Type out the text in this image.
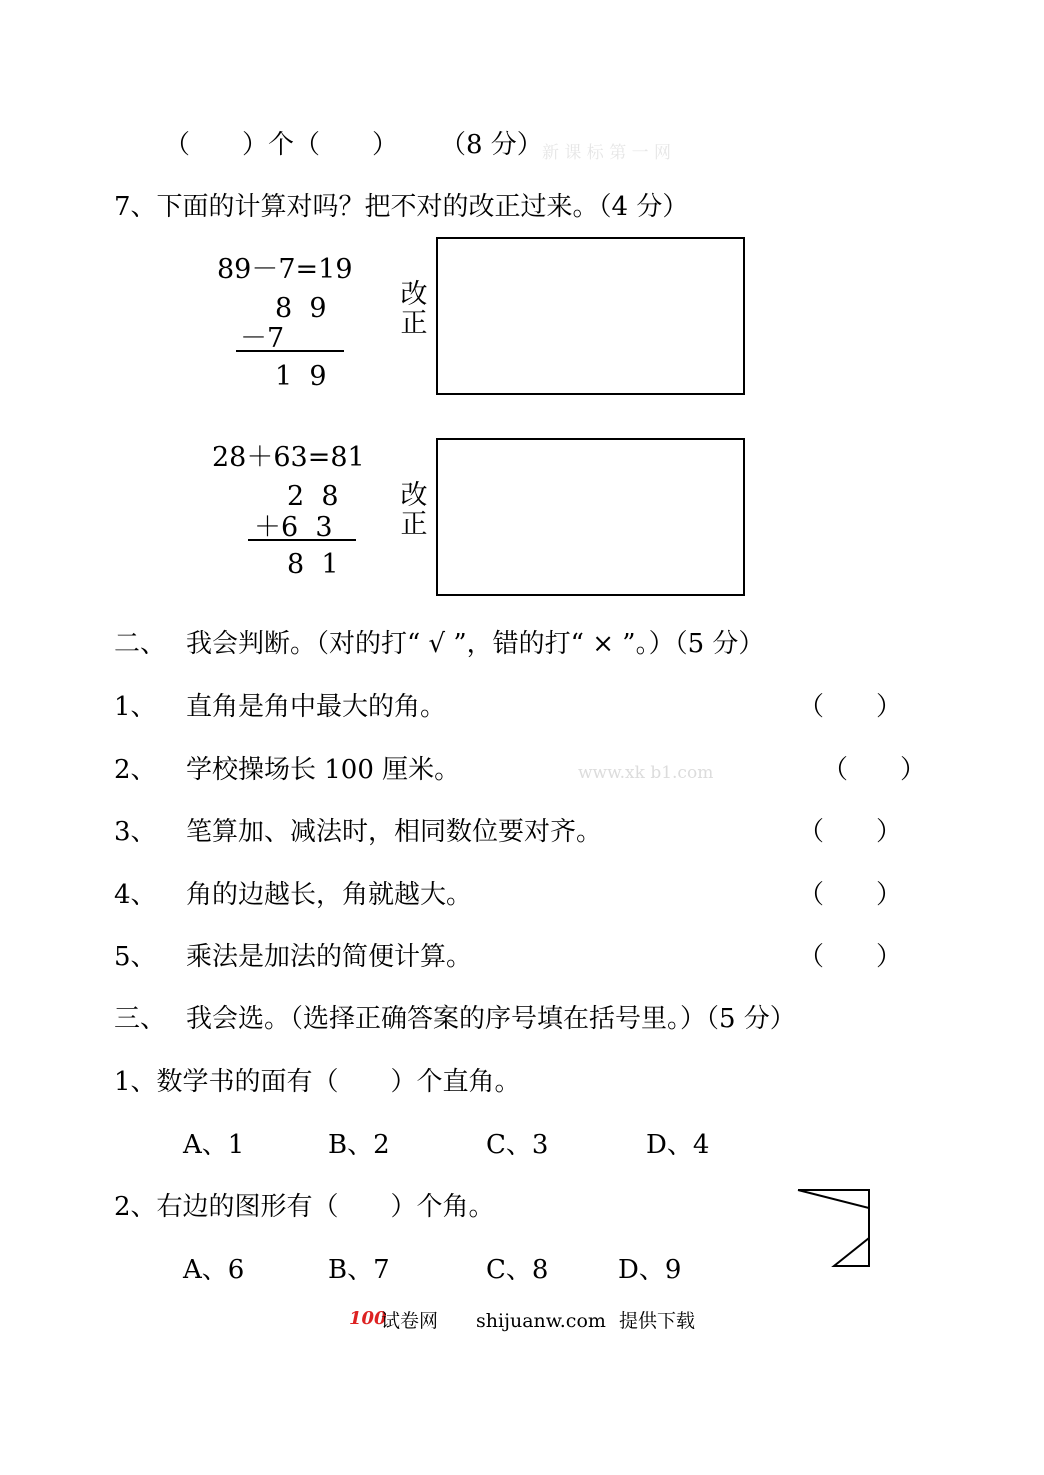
（　　）个（　　） （8 分） 新 课 标 第 一 网
7、下面的计算对吗？把不对的改正过来。（4 分）
89－7=19
8  9
－7
1  9
改
正
28＋63=81
2  8
＋6  3
8  1
改
正
二、 我会判断。（对的打“ √ ”，错的打“ × ”。）（5 分）
1、 直角是角中最大的角。	（　　）
2、 学校操场长 100 厘米。	www.xk b1.com	（　　）
3、 笔算加、减法时，相同数位要对齐。	（　　）
4、 角的边越长，角就越大。	（　　）
5、 乘法是加法的简便计算。	（　　）
三、 我会选。（选择正确答案的序号填在括号里。）（5 分）
1、数学书的面有（　　）个直角。
A、1	B、2	C、3	D、4
2、右边的图形有（　　）个角。
A、6	B、7	C、8	D、9
100
试卷网 shijuanw.com 提供下载
